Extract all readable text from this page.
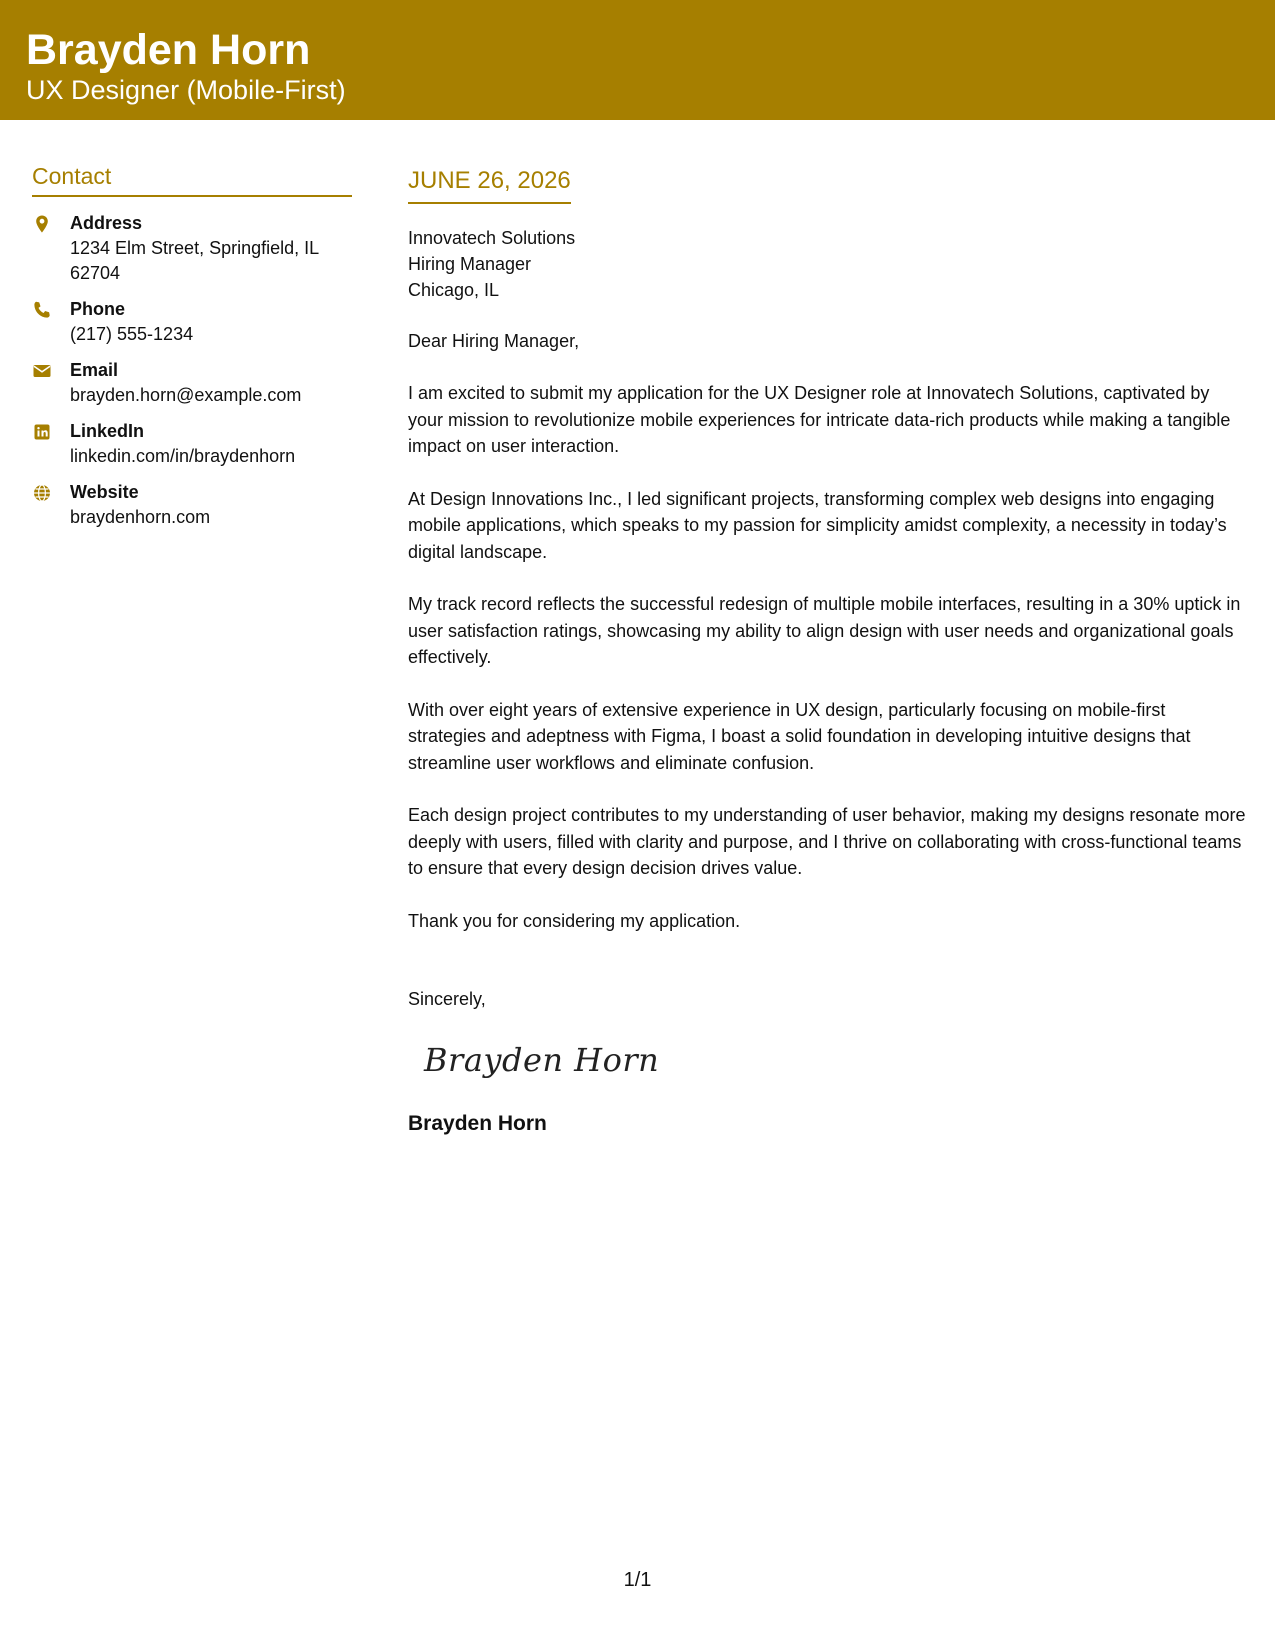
Brayden Horn
UX Designer (Mobile-First)
Contact
Address
1234 Elm Street, Springfield, IL 62704
Phone
(217) 555-1234
Email
brayden.horn@example.com
LinkedIn
linkedin.com/in/braydenhorn
Website
braydenhorn.com
JUNE 26, 2026
Innovatech Solutions
Hiring Manager
Chicago, IL
Dear Hiring Manager,
I am excited to submit my application for the UX Designer role at Innovatech Solutions, captivated by your mission to revolutionize mobile experiences for intricate data-rich products while making a tangible impact on user interaction.
At Design Innovations Inc., I led significant projects, transforming complex web designs into engaging mobile applications, which speaks to my passion for simplicity amidst complexity, a necessity in today’s digital landscape.
My track record reflects the successful redesign of multiple mobile interfaces, resulting in a 30% uptick in user satisfaction ratings, showcasing my ability to align design with user needs and organizational goals effectively.
With over eight years of extensive experience in UX design, particularly focusing on mobile-first strategies and adeptness with Figma, I boast a solid foundation in developing intuitive designs that streamline user workflows and eliminate confusion.
Each design project contributes to my understanding of user behavior, making my designs resonate more deeply with users, filled with clarity and purpose, and I thrive on collaborating with cross-functional teams to ensure that every design decision drives value.
Thank you for considering my application.
Sincerely,
Brayden Horn
Brayden Horn
1/1
